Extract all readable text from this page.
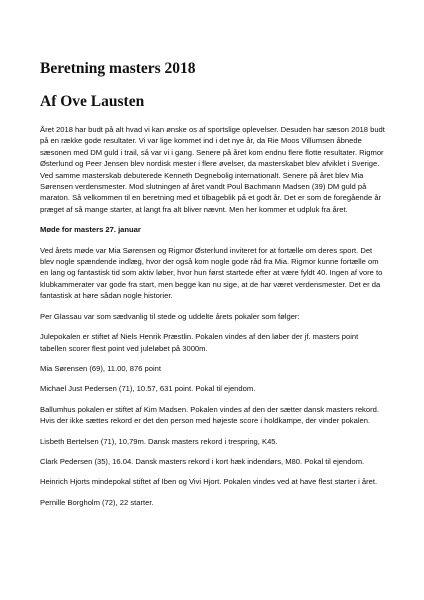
Beretning masters 2018
Af Ove Lausten

Året 2018 har budt på alt hvad vi kan ønske os af sportslige oplevelser. Desuden har sæson 2018 budt på en række gode resultater. Vi var lige kommet ind i det nye år, da Rie Moos Villumsen åbnede sæsonen med DM guld i trail, så var vi i gang. Senere på året kom endnu flere flotte resultater. Rigmor Østerlund og Peer Jensen blev nordisk mester i flere øvelser, da masterskabet blev afviklet i Sverige. Ved samme masterskab debuterede Kenneth Degnebolig internationalt. Senere på året blev Mia Sørensen verdensmester. Mod slutningen af året vandt Poul Bachmann Madsen (39) DM guld på maraton. Så velkommen til en beretning med et tilbageblik på et godt år. Det er som de foregående år præget af så mange starter, at langt fra alt bliver nævnt. Men her kommer et udpluk fra året.

Møde for masters 27. januar

Ved årets møde var Mia Sørensen og Rigmor Østerlund inviteret for at fortælle om deres sport. Det blev nogle spændende indlæg, hvor der også kom nogle gode råd fra Mia. Rigmor kunne fortælle om en lang og fantastisk tid som aktiv løber, hvor hun først startede efter at være fyldt 40. Ingen af vore to klubkammerater var gode fra start, men begge kan nu sige, at de har været verdensmester. Det er da fantastisk at høre sådan nogle historier.

Per Glassau var som sædvanlig til stede og uddelte årets pokaler som følger:

Julepokalen er stiftet af Niels Henrik Præstlin. Pokalen vindes af den løber der jf. masters point tabellen scorer flest point ved juleløbet på 3000m.

Mia Sørensen (69), 11.00, 876 point

Michael Just Pedersen (71), 10.57, 631 point. Pokal til ejendom.

Ballumhus pokalen er stiftet af Kim Madsen. Pokalen vindes af den der sætter dansk masters rekord. Hvis der ikke sættes rekord er det den person med højeste score i holdkampe, der vinder pokalen.

Lisbeth Bertelsen (71), 10,79m. Dansk masters rekord i trespring, K45.

Clark Pedersen (35), 16.04. Dansk masters rekord i kort hæk indendørs, M80. Pokal til ejendom.

Heinrich Hjorts mindepokal stiftet af Iben og Vivi Hjort. Pokalen vindes ved at have flest starter i året.

Pernille Borgholm (72), 22 starter.
